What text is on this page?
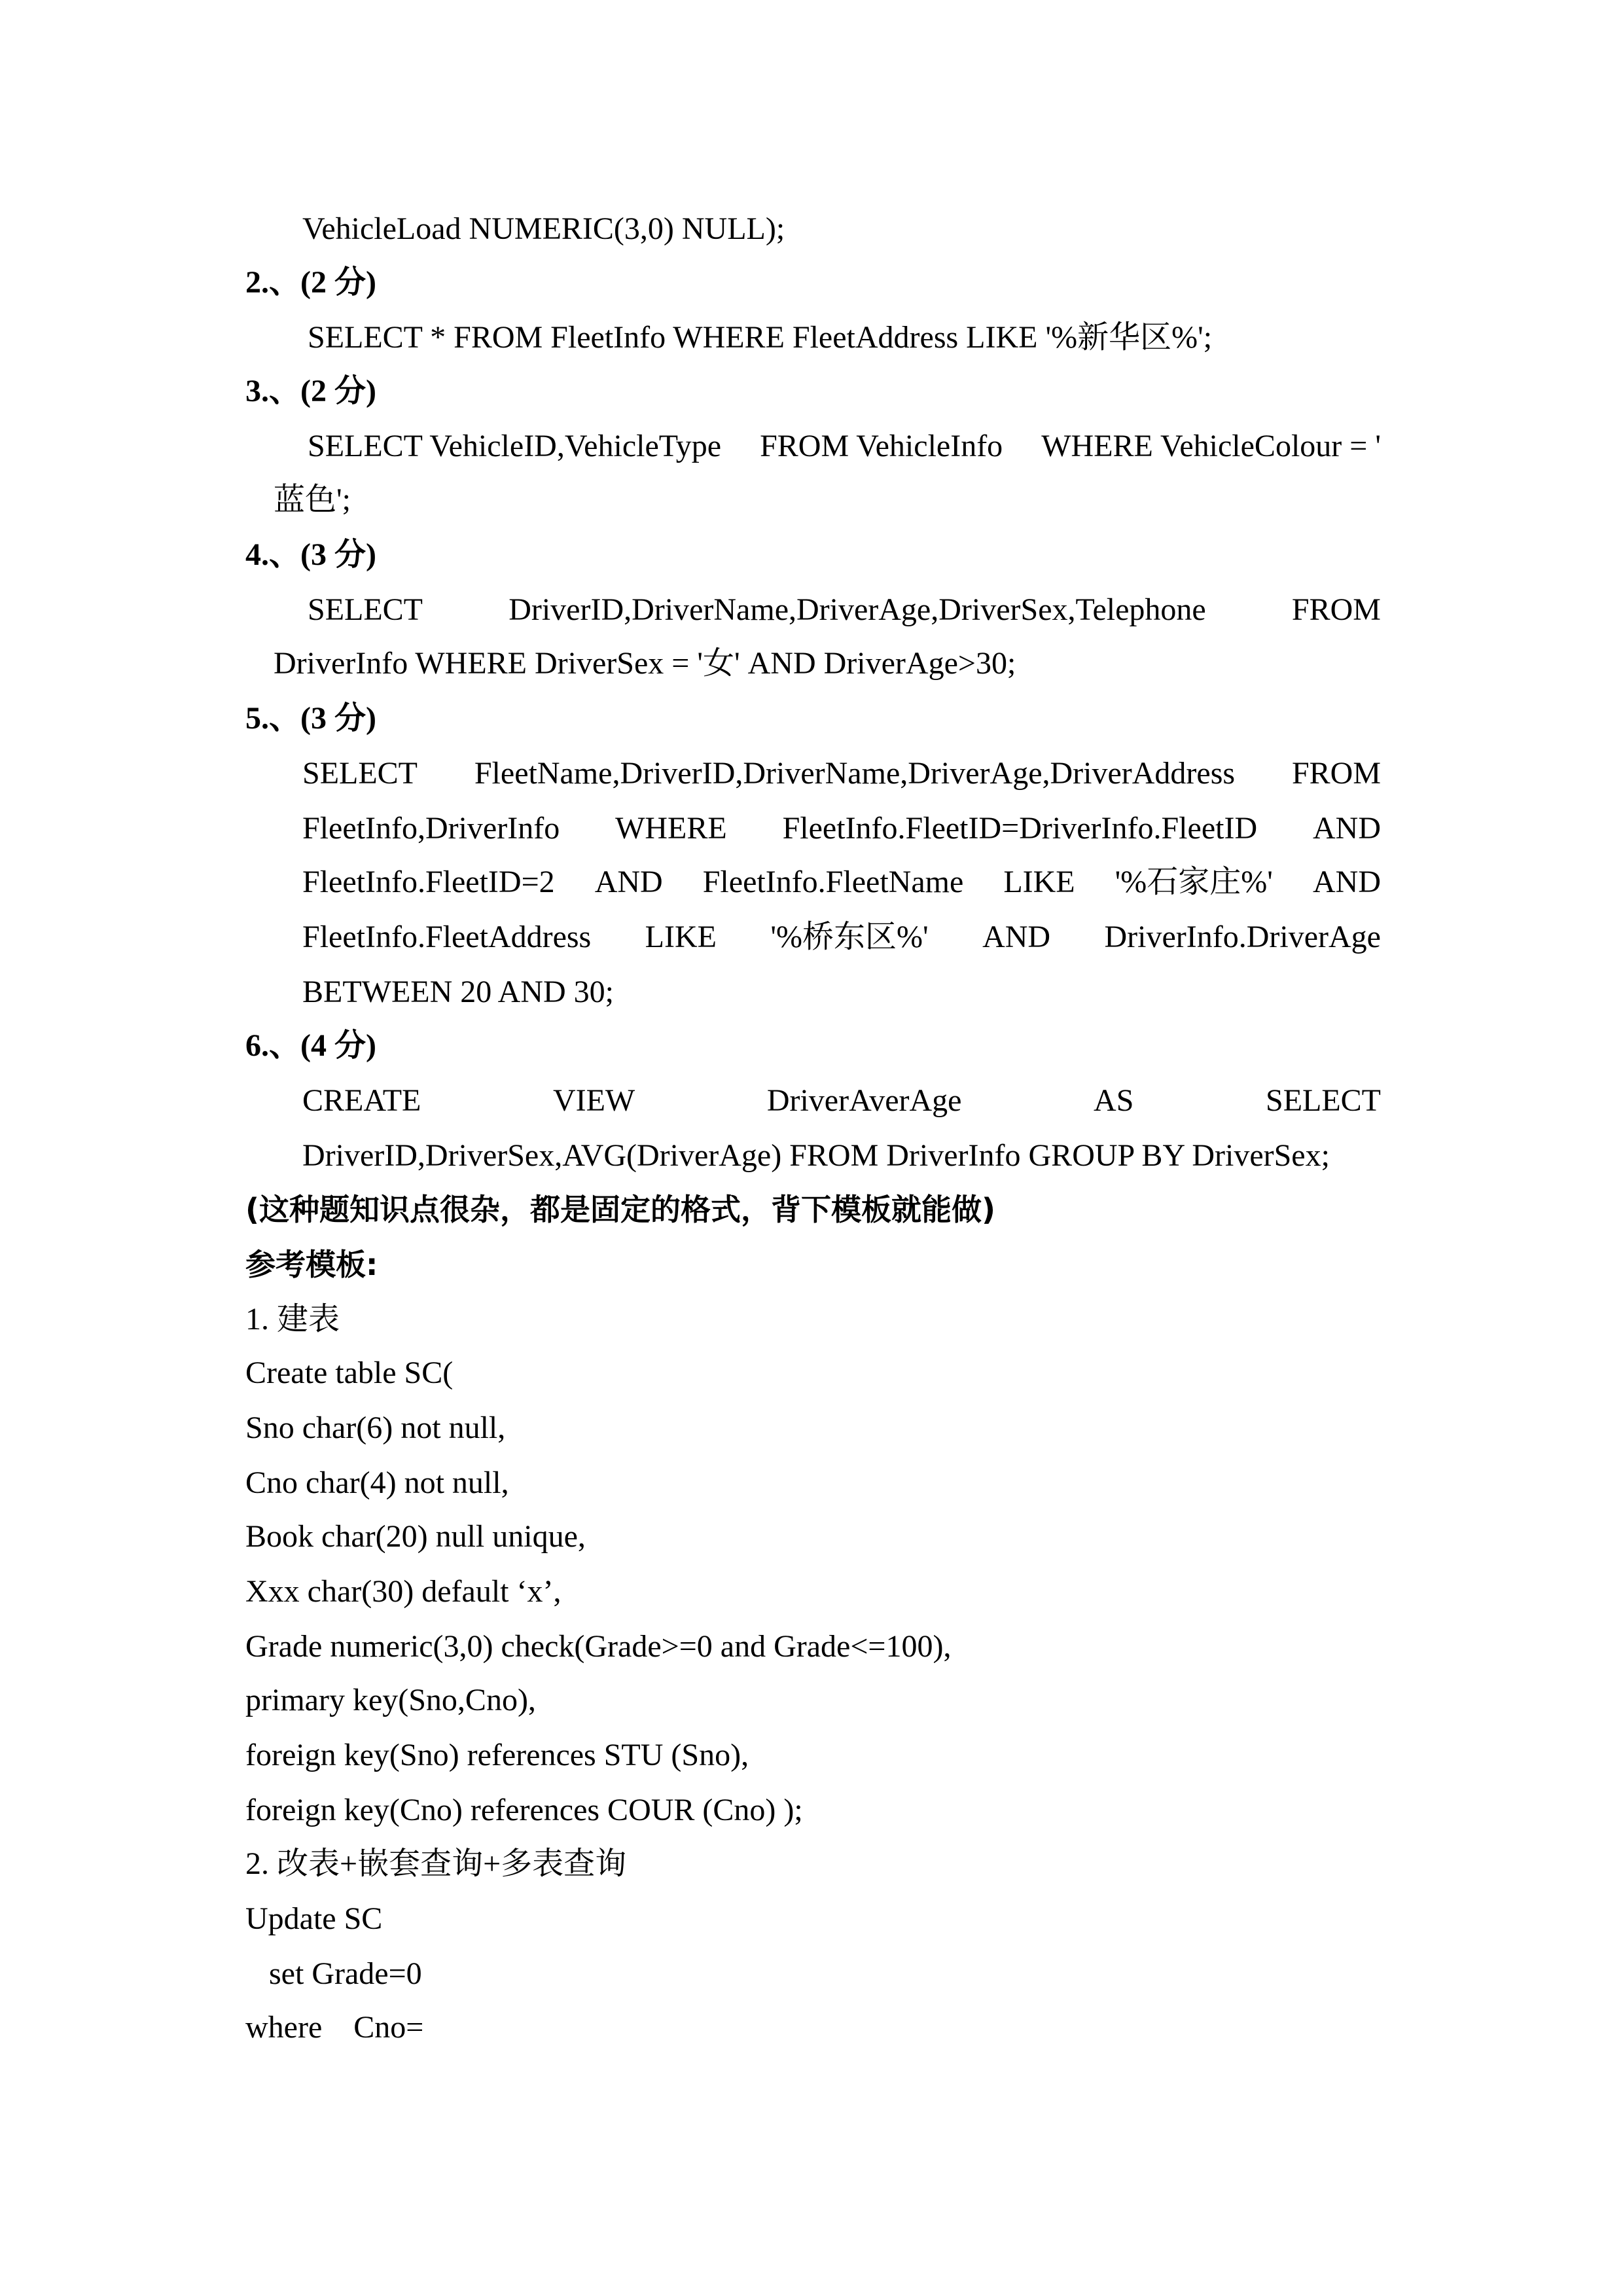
VehicleLoad NUMERIC(3,0) NULL);
2.、(2 分)
SELECT * FROM FleetInfo WHERE FleetAddress LIKE '%新华区%';
3.、(2 分)
SELECT VehicleID,VehicleType FROM VehicleInfo WHERE VehicleColour = '
蓝色';
4.、(3 分)
SELECT	DriverID,DriverName,DriverAge,DriverSex,Telephone	FROM
DriverInfo WHERE DriverSex = '女' AND DriverAge>30;
5.、(3 分)
SELECT FleetName,DriverID,DriverName,DriverAge,DriverAddress FROM
FleetInfo,DriverInfo WHERE FleetInfo.FleetID=DriverInfo.FleetID AND
FleetInfo.FleetID=2 AND FleetInfo.FleetName LIKE '%石家庄%' AND
FleetInfo.FleetAddress LIKE '%桥东区%' AND DriverInfo.DriverAge
BETWEEN 20 AND 30;
6.、(4 分)
CREATE	VIEW	DriverAverAge	AS	SELECT
DriverID,DriverSex,AVG(DriverAge) FROM DriverInfo GROUP BY DriverSex;
(这种题知识点很杂，都是固定的格式，背下模板就能做)
参考模板:
1. 建表
Create table SC(
Sno char(6) not null,
Cno char(4) not null,
Book char(20) null unique,
Xxx char(30) default ‘x’,
Grade numeric(3,0) check(Grade>=0 and Grade<=100),
primary key(Sno,Cno),
foreign key(Sno) references STU (Sno),
foreign key(Cno) references COUR (Cno) );
2. 改表+嵌套查询+多表查询
Update SC
set Grade=0
where    Cno=
